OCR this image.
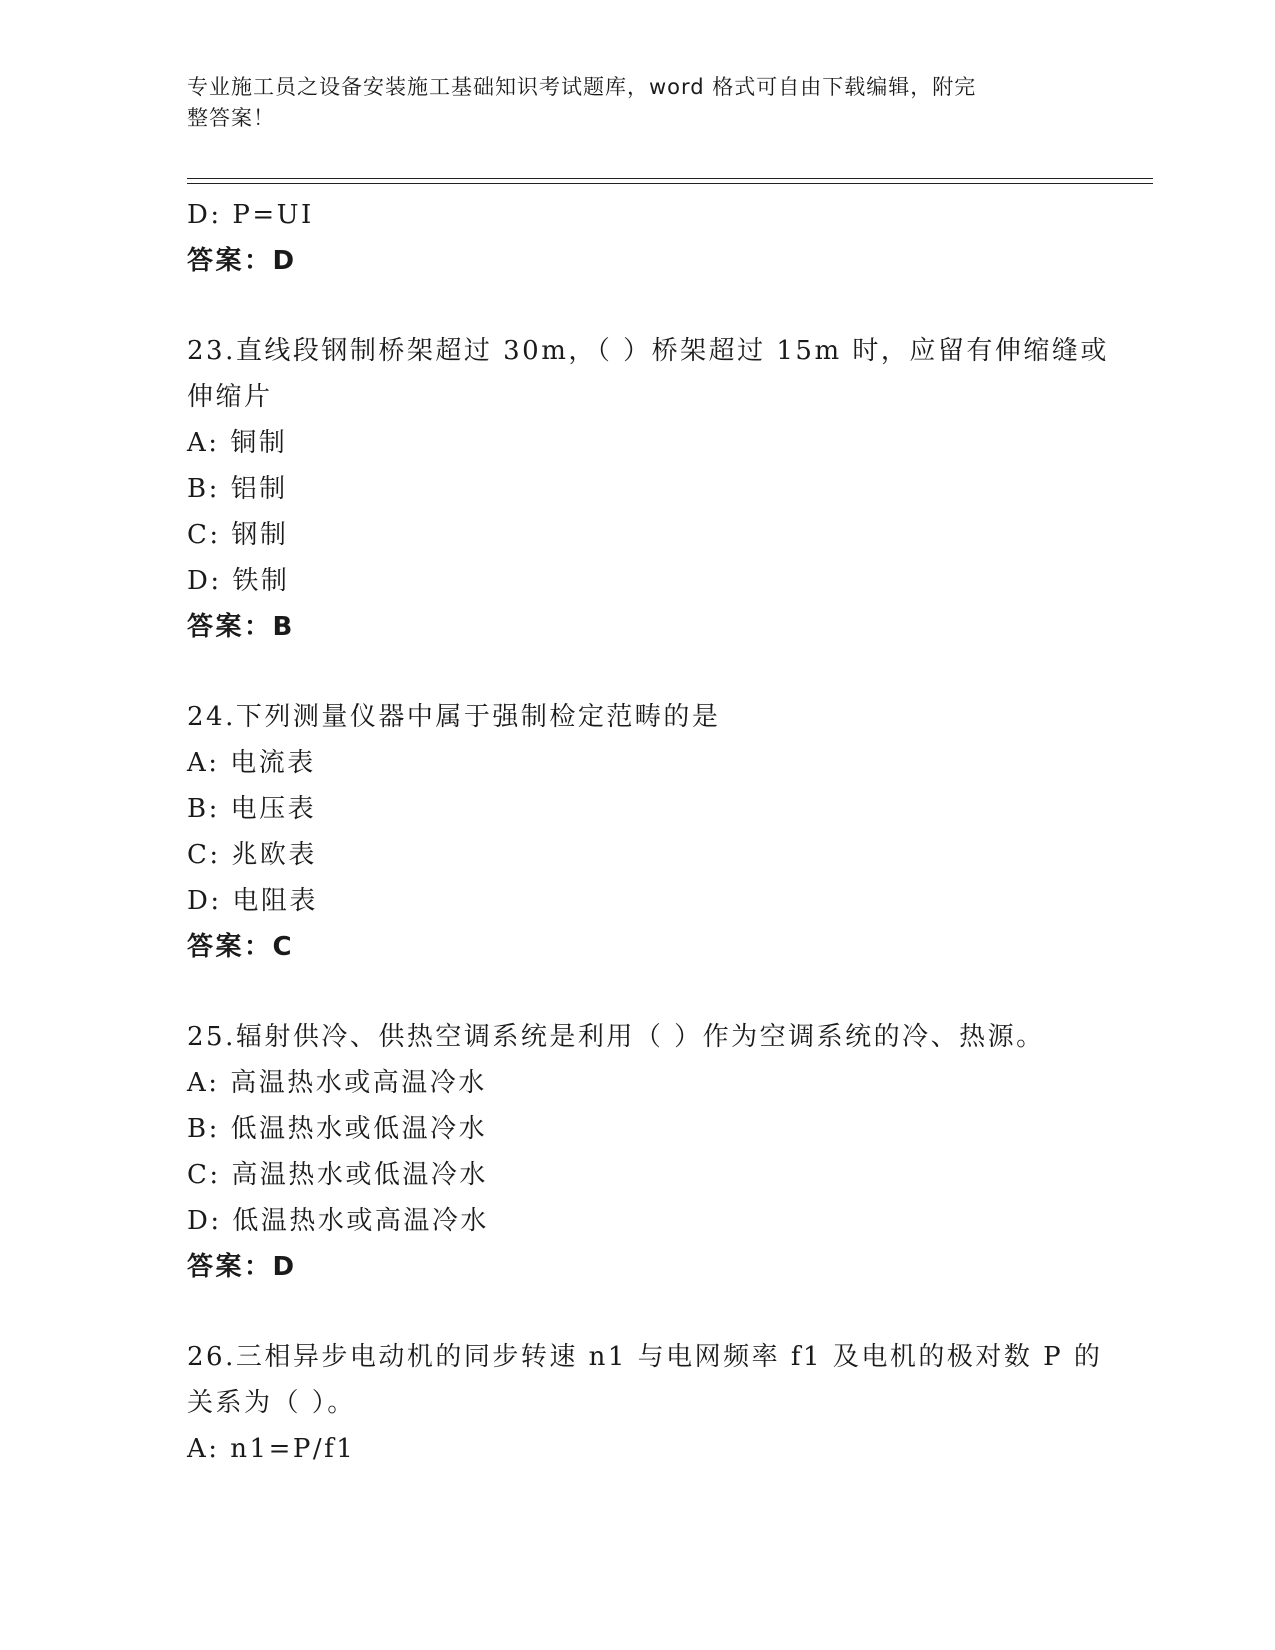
专业施工员之设备安装施工基础知识考试题库，word 格式可自由下载编辑，附完
整答案！
D: P=UI
答案：D
23.直线段钢制桥架超过 30m，（ ）桥架超过 15m 时，应留有伸缩缝或
伸缩片
A: 铜制
B: 铝制
C: 钢制
D: 铁制
答案：B
24.下列测量仪器中属于强制检定范畴的是
A: 电流表
B: 电压表
C: 兆欧表
D: 电阻表
答案：C
25.辐射供冷、供热空调系统是利用（ ）作为空调系统的冷、热源。
A: 高温热水或高温冷水
B: 低温热水或低温冷水
C: 高温热水或低温冷水
D: 低温热水或高温冷水
答案：D
26.三相异步电动机的同步转速 n1 与电网频率 f1 及电机的极对数 P 的
关系为（ ）。
A: n1=P/f1
